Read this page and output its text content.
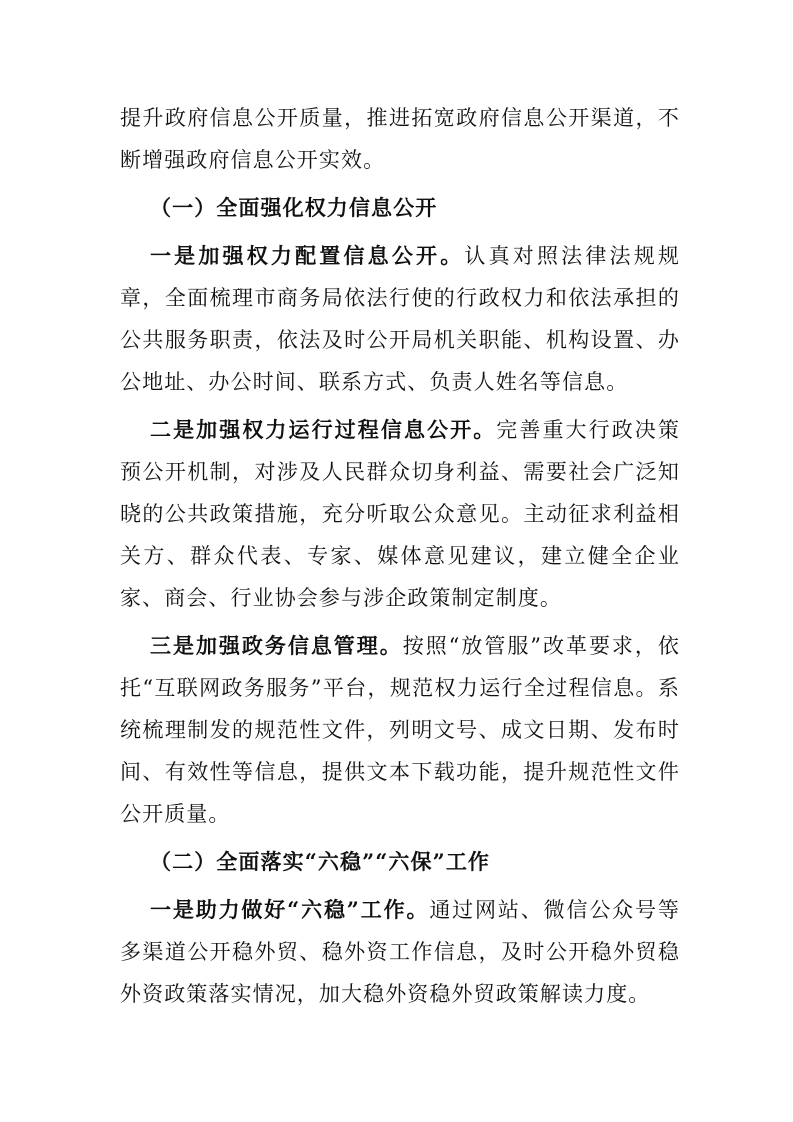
提升政府信息公开质量，推进拓宽政府信息公开渠道，不断增强政府信息公开实效。

（一）全面强化权力信息公开

一是加强权力配置信息公开。认真对照法律法规规章，全面梳理市商务局依法行使的行政权力和依法承担的公共服务职责，依法及时公开局机关职能、机构设置、办公地址、办公时间、联系方式、负责人姓名等信息。

二是加强权力运行过程信息公开。完善重大行政决策预公开机制，对涉及人民群众切身利益、需要社会广泛知晓的公共政策措施，充分听取公众意见。主动征求利益相关方、群众代表、专家、媒体意见建议，建立健全企业家、商会、行业协会参与涉企政策制定制度。

三是加强政务信息管理。按照“放管服”改革要求，依托“互联网政务服务”平台，规范权力运行全过程信息。系统梳理制发的规范性文件，列明文号、成文日期、发布时间、有效性等信息，提供文本下载功能，提升规范性文件公开质量。

（二）全面落实“六稳”“六保”工作

一是助力做好“六稳”工作。通过网站、微信公众号等多渠道公开稳外贸、稳外资工作信息，及时公开稳外贸稳外资政策落实情况，加大稳外资稳外贸政策解读力度。
